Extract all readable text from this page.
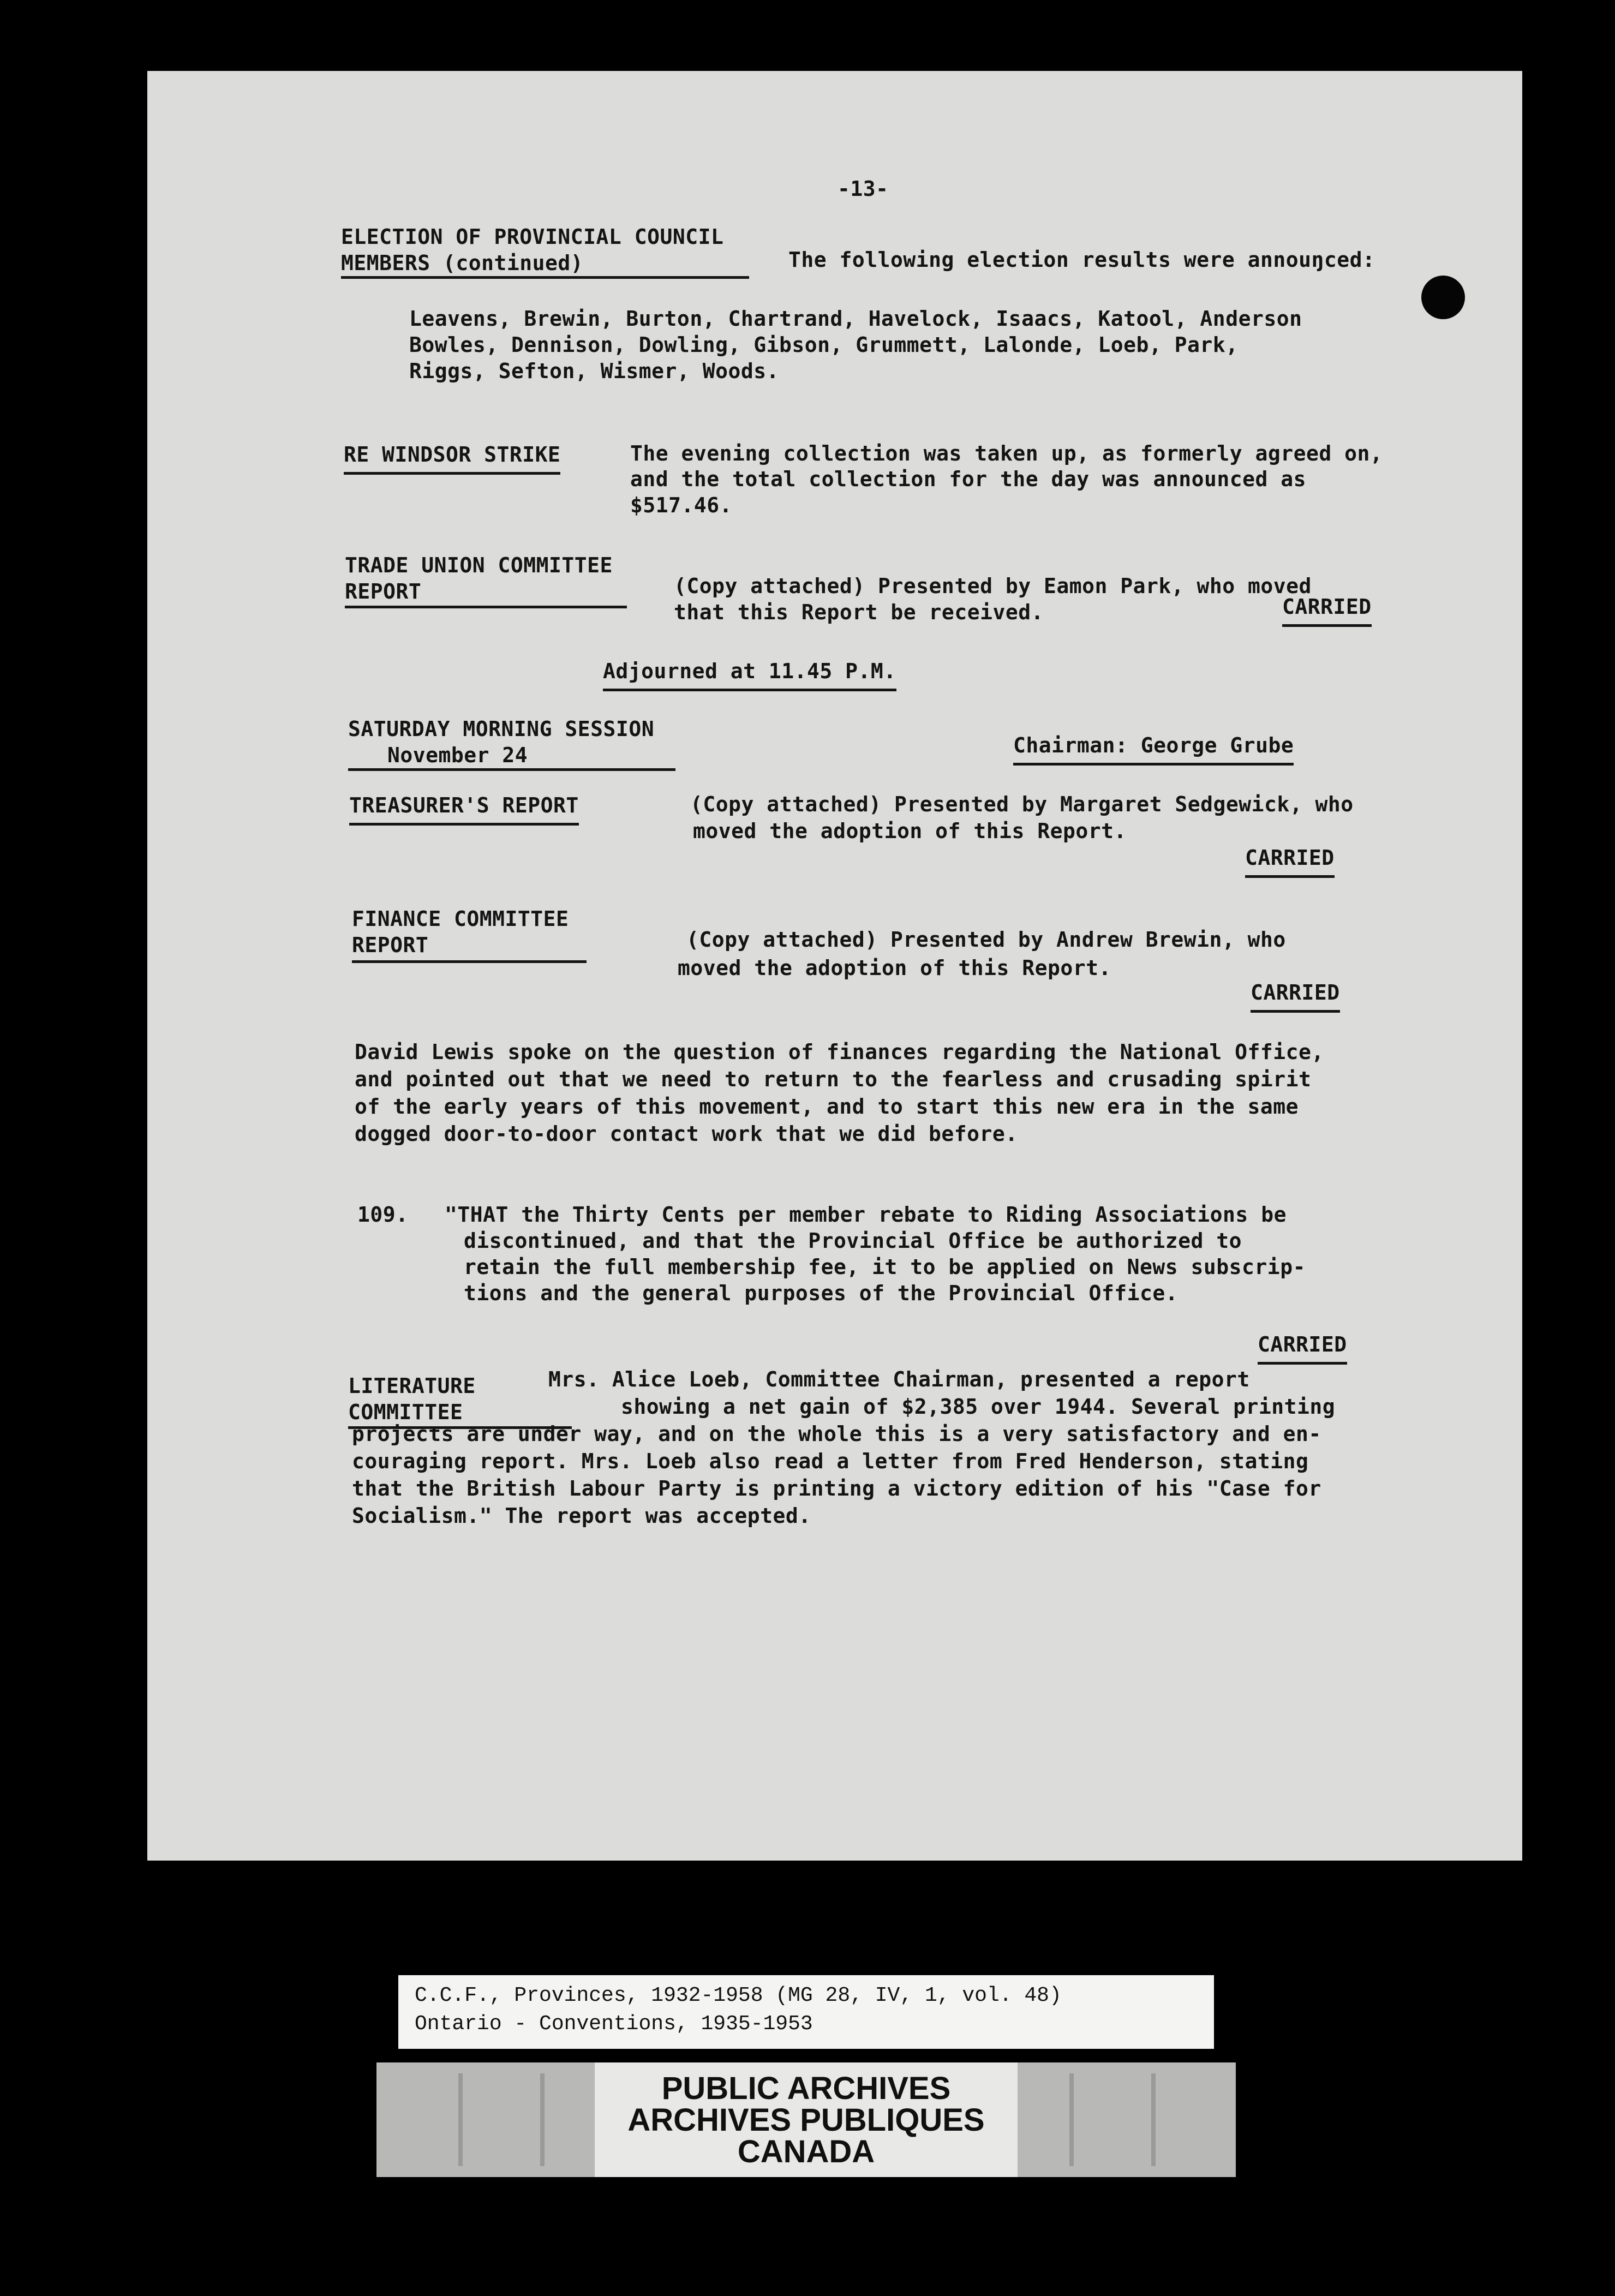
-13-
ELECTION OF PROVINCIAL COUNCIL
MEMBERS (continued)	The following election results were annouŋced:
Leavens, Brewin, Burton, Chartrand, Havelock, Isaacs, Katool, Anderson
Bowles, Dennison, Dowling, Gibson, Grummett, Lalonde, Loeb, Park,
Riggs, Sefton, Wismer, Woods.
RE WINDSOR STRIKE	The evening collection was taken up, as formerly agreed on,
and the total collection for the day was announced as
$517.46.
TRADE UNION COMMITTEE
REPORT	(Copy attached) Presented by Eamon Park, who moved
that this Report be received.	CARRIED
Adjourned at 11.45 P.M.
SATURDAY MORNING SESSION
November 24	Chairman: George Grube
TREASURER'S REPORT	(Copy attached) Presented by Margaret Sedgewick, who
moved the adoption of this Report.
CARRIED
FINANCE COMMITTEE
REPORT	(Copy attached) Presented by Andrew Brewin, who
moved the adoption of this Report.
CARRIED
David Lewis spoke on the question of finances regarding the National Office,
and pointed out that we need to return to the fearless and crusading spirit
of the early years of this movement, and to start this new era in the same
dogged door-to-door contact work that we did before.
109. "THAT the Thirty Cents per member rebate to Riding Associations be
discontinued, and that the Provincial Office be authorized to
retain the full membership fee, it to be applied on News subscrip-
tions and the general purposes of the Provincial Office.
CARRIED
LITERATURE
COMMITTEE
Mrs. Alice Loeb, Committee Chairman, presented a report
showing a net gain of $2,385 over 1944. Several printing
projects are under way, and on the whole this is a very satisfactory and en-
couraging report. Mrs. Loeb also read a letter from Fred Henderson, stating
that the British Labour Party is printing a victory edition of his "Case for
Socialism." The report was accepted.
C.C.F., Provinces, 1932-1958 (MG 28, IV, 1, vol. 48)
Ontario - Conventions, 1935-1953
PUBLIC ARCHIVES
ARCHIVES PUBLIQUES
CANADA
